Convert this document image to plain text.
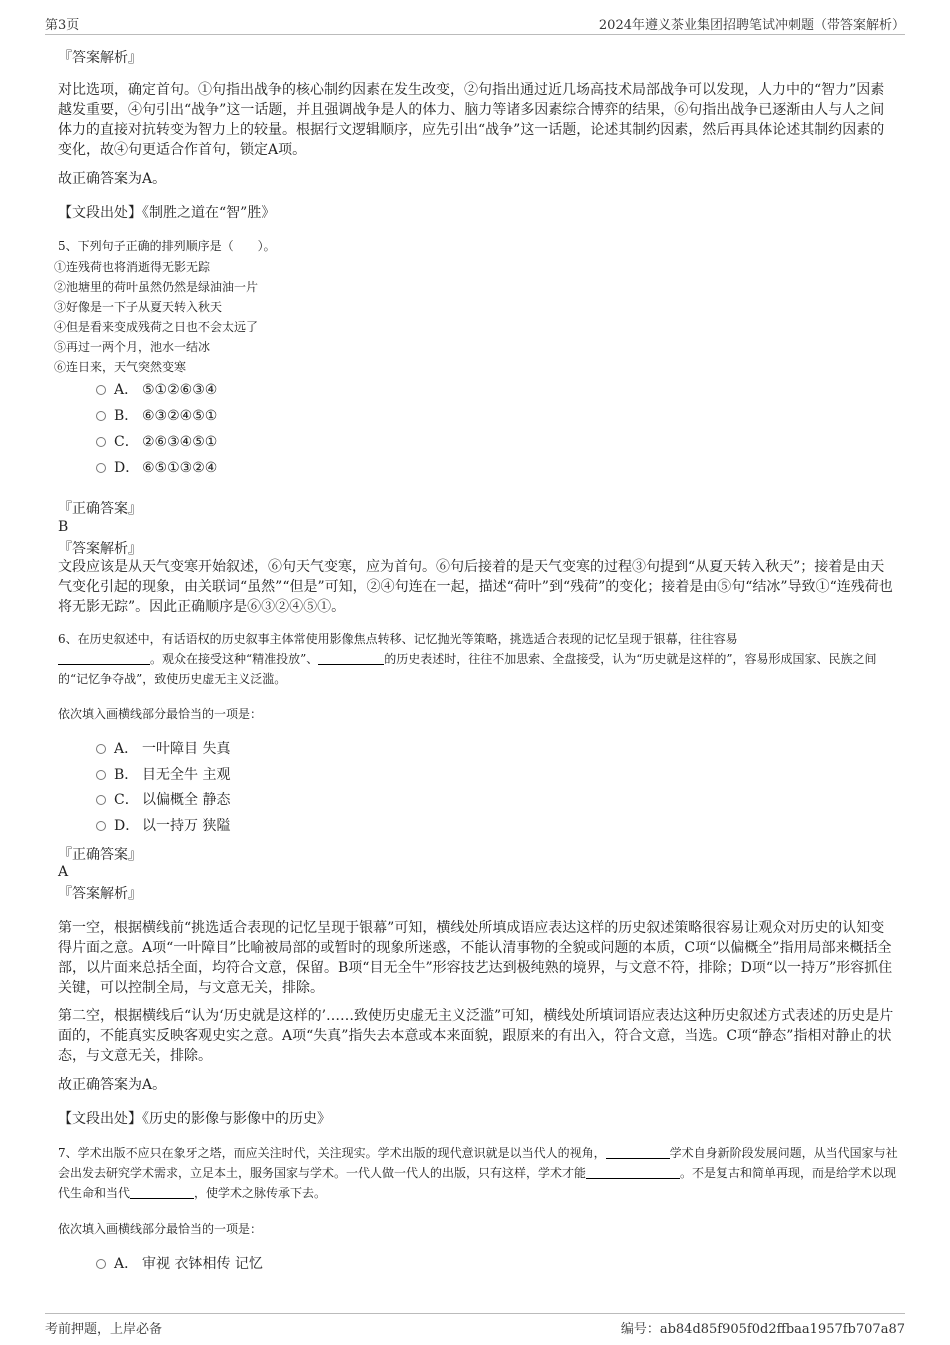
第3页	2024年遵义茶业集团招聘笔试冲刺题（带答案解析）
『答案解析』
对比选项，确定首句。①句指出战争的核心制约因素在发生改变，②句指出通过近几场高技术局部战争可以发现，人力中的“智力”因素越发重要，④句引出“战争”这一话题，并且强调战争是人的体力、脑力等诸多因素综合博弈的结果，⑥句指出战争已逐渐由人与人之间体力的直接对抗转变为智力上的较量。根据行文逻辑顺序，应先引出“战争”这一话题，论述其制约因素，然后再具体论述其制约因素的变化，故④句更适合作首句，锁定A项。
故正确答案为A。
【文段出处】《制胜之道在“智”胜》
5、下列句子正确的排列顺序是（　　）。
①连残荷也将消逝得无影无踪
②池塘里的荷叶虽然仍然是绿油油一片
③好像是一下子从夏天转入秋天
④但是看来变成残荷之日也不会太远了
⑤再过一两个月，池水一结冰
⑥连日来，天气突然变寒
A． ⑤①②⑥③④
B． ⑥③②④⑤①
C． ②⑥③④⑤①
D． ⑥⑤①③②④
『正确答案』
B
『答案解析』
文段应该是从天气变寒开始叙述，⑥句天气变寒，应为首句。⑥句后接着的是天气变寒的过程③句提到“从夏天转入秋天”；接着是由天气变化引起的现象，由关联词“虽然”“但是”可知，②④句连在一起，描述“荷叶”到“残荷”的变化；接着是由⑤句“结冰”导致①“连残荷也将无影无踪”。因此正确顺序是⑥③②④⑤①。
6、在历史叙述中，有话语权的历史叙事主体常使用影像焦点转移、记忆抛光等策略，挑选适合表现的记忆呈现于银幕，往往容易
。观众在接受这种“精准投放”、	的历史表述时，往往不加思索、全盘接受，认为“历史就是这样的”，容易形成国家、民族之间的“记忆争夺战”，致使历史虚无主义泛滥。
依次填入画横线部分最恰当的一项是：
A． 一叶障目 失真
B． 目无全牛 主观
C． 以偏概全 静态
D． 以一持万 狭隘
『正确答案』
A
『答案解析』
第一空，根据横线前“挑选适合表现的记忆呈现于银幕”可知，横线处所填成语应表达这样的历史叙述策略很容易让观众对历史的认知变得片面之意。A项“一叶障目”比喻被局部的或暂时的现象所迷惑，不能认清事物的全貌或问题的本质，C项“以偏概全”指用局部来概括全部，以片面来总括全面，均符合文意，保留。B项“目无全牛”形容技艺达到极纯熟的境界，与文意不符，排除；D项“以一持万”形容抓住关键，可以控制全局，与文意无关，排除。
第二空，根据横线后“认为‘历史就是这样的’……致使历史虚无主义泛滥”可知，横线处所填词语应表达这种历史叙述方式表述的历史是片面的，不能真实反映客观史实之意。A项“失真”指失去本意或本来面貌，跟原来的有出入，符合文意，当选。C项“静态”指相对静止的状态，与文意无关，排除。
故正确答案为A。
【文段出处】《历史的影像与影像中的历史》
7、学术出版不应只在象牙之塔，而应关注时代，关注现实。学术出版的现代意识就是以当代人的视角，	学术自身新阶段发展问题，从当代国家与社会出发去研究学术需求，立足本土，服务国家与学术。一代人做一代人的出版，只有这样，学术才能	。不是复古和简单再现，而是给学术以现代生命和当代	，使学术之脉传承下去。
依次填入画横线部分最恰当的一项是：
A． 审视 衣钵相传 记忆
考前押题，上岸必备	编号：ab84d85f905f0d2ffbaa1957fb707a87
